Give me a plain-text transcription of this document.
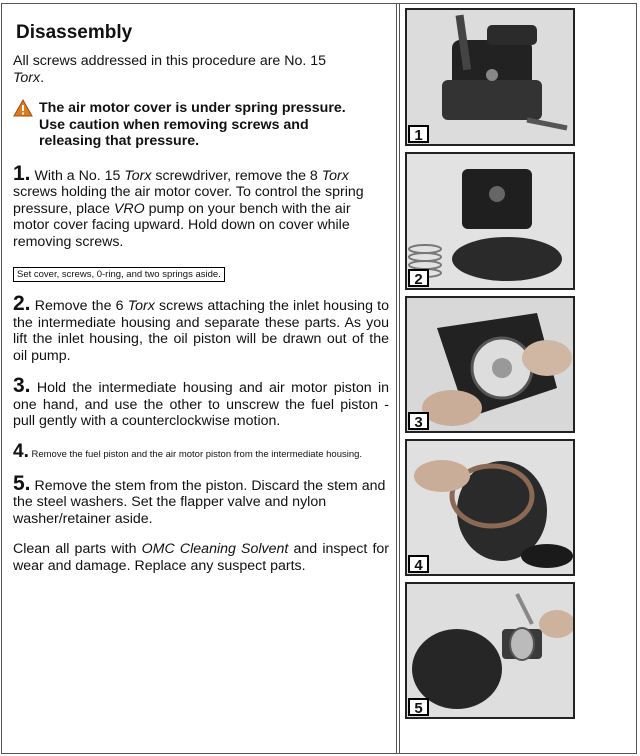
Disassembly

All screws addressed in this procedure are No. 15
Torx.

The air motor cover is under spring pressure.
Use caution when removing screws and
releasing that pressure.

1. With a No. 15 Torx screwdriver, remove the 8 Torx screws holding the air motor cover. To control the spring pressure, place VRO pump on your bench with the air motor cover facing upward. Hold down on cover while removing screws.

Set cover, screws, 0-ring, and two springs aside.

2. Remove the 6 Torx screws attaching the inlet housing to the intermediate housing and separate these parts. As you lift the inlet housing, the oil piston will be drawn out of the oil pump.

3. Hold the intermediate housing and air motor piston in one hand, and use the other to unscrew the fuel piston - pull gently with a counterclockwise motion.

4. Remove the fuel piston and the air motor piston from the intermediate housing.

5. Remove the stem from the piston. Discard the stem and the steel washers. Set the flapper valve and nylon washer/retainer aside.

Clean all parts with OMC Cleaning Solvent and inspect for wear and damage. Replace any suspect parts.

1
2
3
4
5
